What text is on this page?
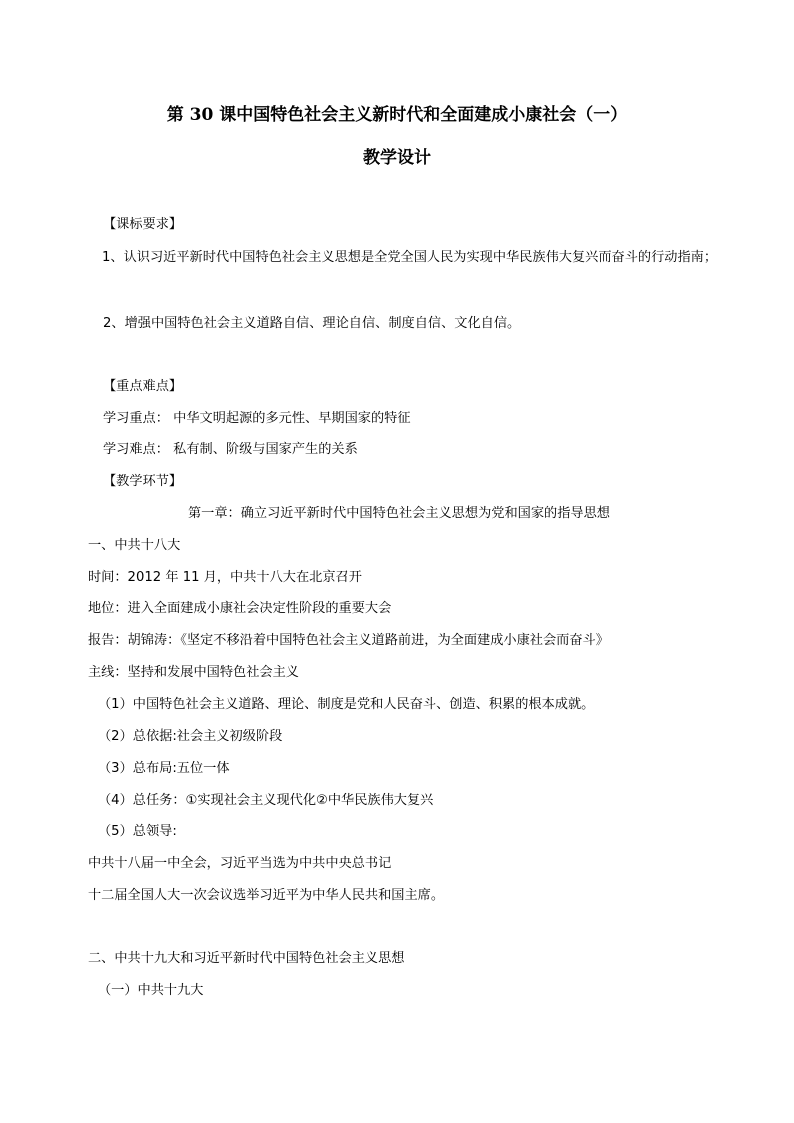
第 30 课中国特色社会主义新时代和全面建成小康社会（一）
教学设计
【课标要求】
1、认识习近平新时代中国特色社会主义思想是全党全国人民为实现中华民族伟大复兴而奋斗的行动指南；
2、增强中国特色社会主义道路自信、理论自信、制度自信、文化自信。
【重点难点】
学习重点： 中华文明起源的多元性、早期国家的特征
学习难点： 私有制、阶级与国家产生的关系
【教学环节】
第一章：确立习近平新时代中国特色社会主义思想为党和国家的指导思想
一、中共十八大
时间：2012 年 11 月，中共十八大在北京召开
地位：进入全面建成小康社会决定性阶段的重要大会
报告：胡锦涛：《坚定不移沿着中国特色社会主义道路前进，为全面建成小康社会而奋斗》
主线：坚持和发展中国特色社会主义
（1）中国特色社会主义道路、理论、制度是党和人民奋斗、创造、积累的根本成就。
（2）总依据:社会主义初级阶段
（3）总布局:五位一体
（4）总任务：①实现社会主义现代化②中华民族伟大复兴
（5）总领导:
中共十八届一中全会，习近平当选为中共中央总书记
十二届全国人大一次会议选举习近平为中华人民共和国主席。
二、中共十九大和习近平新时代中国特色社会主义思想
（一）中共十九大
